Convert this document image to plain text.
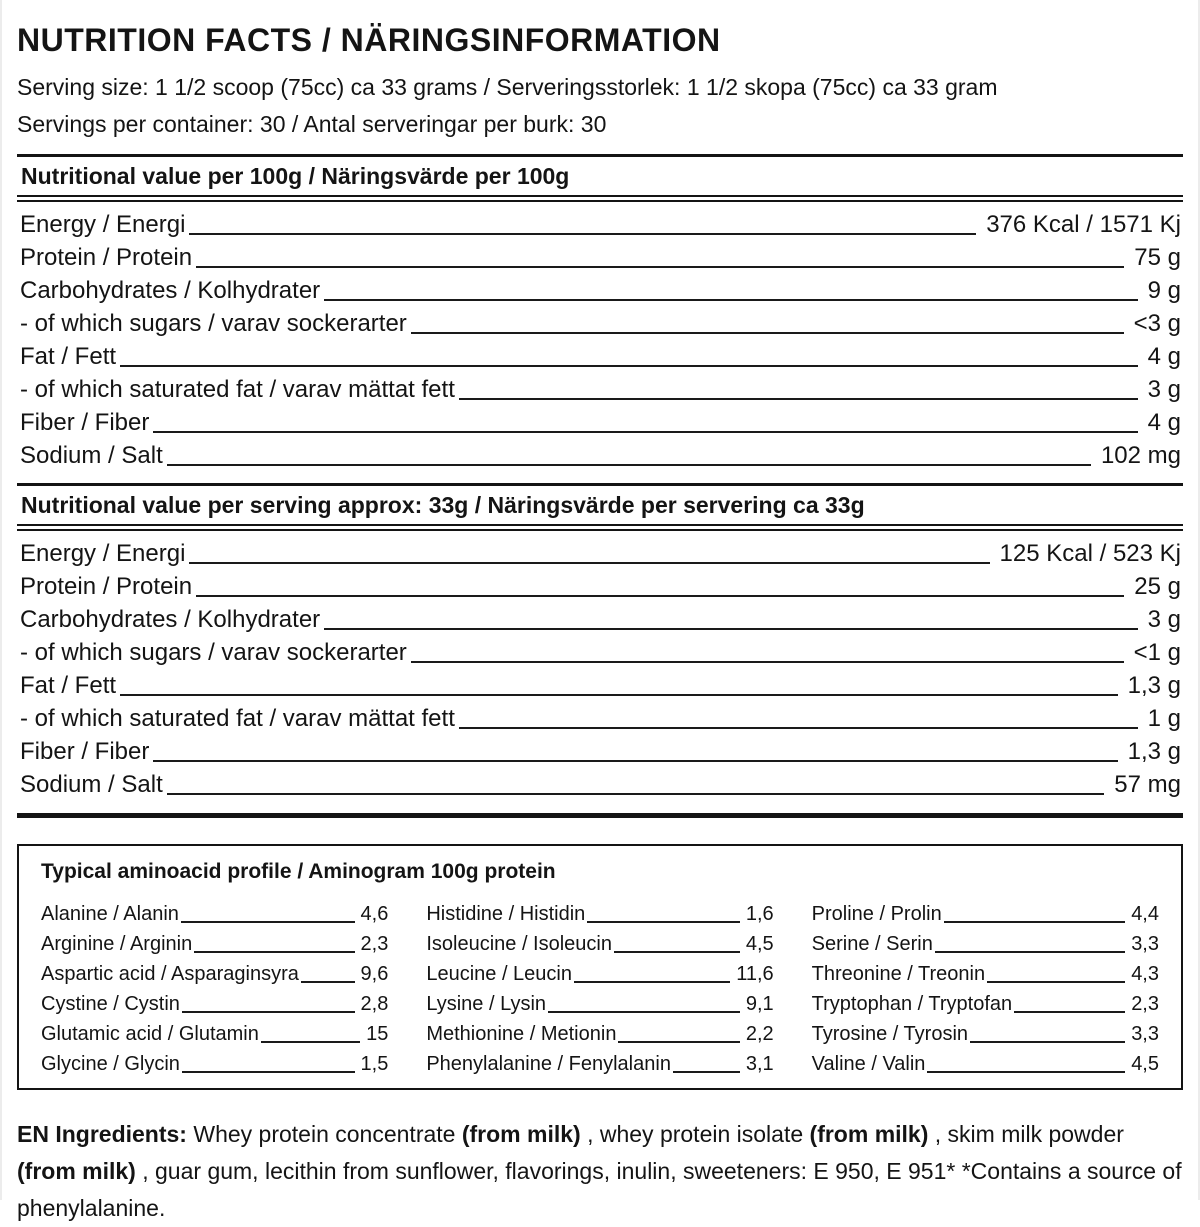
NUTRITION FACTS / NÄRINGSINFORMATION
Serving size: 1 1/2 scoop (75cc) ca 33 grams / Serveringsstorlek: 1 1/2 skopa (75cc) ca 33 gram
Servings per container: 30 / Antal serveringar per burk: 30
Nutritional value per 100g / Näringsvärde per 100g
Energy / Energi	376 Kcal / 1571 Kj
Protein / Protein	75 g
Carbohydrates / Kolhydrater	9 g
- of which sugars / varav sockerarter	<3 g
Fat / Fett	4 g
- of which saturated fat / varav mättat fett	3 g
Fiber / Fiber	4 g
Sodium / Salt	102 mg
Nutritional value per serving approx: 33g / Näringsvärde per servering ca 33g
Energy / Energi	125 Kcal / 523 Kj
Protein / Protein	25 g
Carbohydrates / Kolhydrater	3 g
- of which sugars / varav sockerarter	<1 g
Fat / Fett	1,3 g
- of which saturated fat / varav mättat fett	1 g
Fiber / Fiber	1,3 g
Sodium / Salt	57 mg
Typical aminoacid profile / Aminogram 100g protein
Alanine / Alanin	4,6
Arginine / Arginin	2,3
Aspartic acid / Asparaginsyra	9,6
Cystine / Cystin	2,8
Glutamic acid / Glutamin	15
Glycine / Glycin	1,5
Histidine / Histidin	1,6
Isoleucine / Isoleucin	4,5
Leucine / Leucin	11,6
Lysine / Lysin	9,1
Methionine / Metionin	2,2
Phenylalanine / Fenylalanin	3,1
Proline / Prolin	4,4
Serine / Serin	3,3
Threonine / Treonin	4,3
Tryptophan / Tryptofan	2,3
Tyrosine / Tyrosin	3,3
Valine / Valin	4,5

EN Ingredients: Whey protein concentrate (from milk) , whey protein isolate (from milk) , skim milk powder (from milk) , guar gum, lecithin from sunflower, flavorings, inulin, sweeteners: E 950, E 951* *Contains a source of phenylalanine.
